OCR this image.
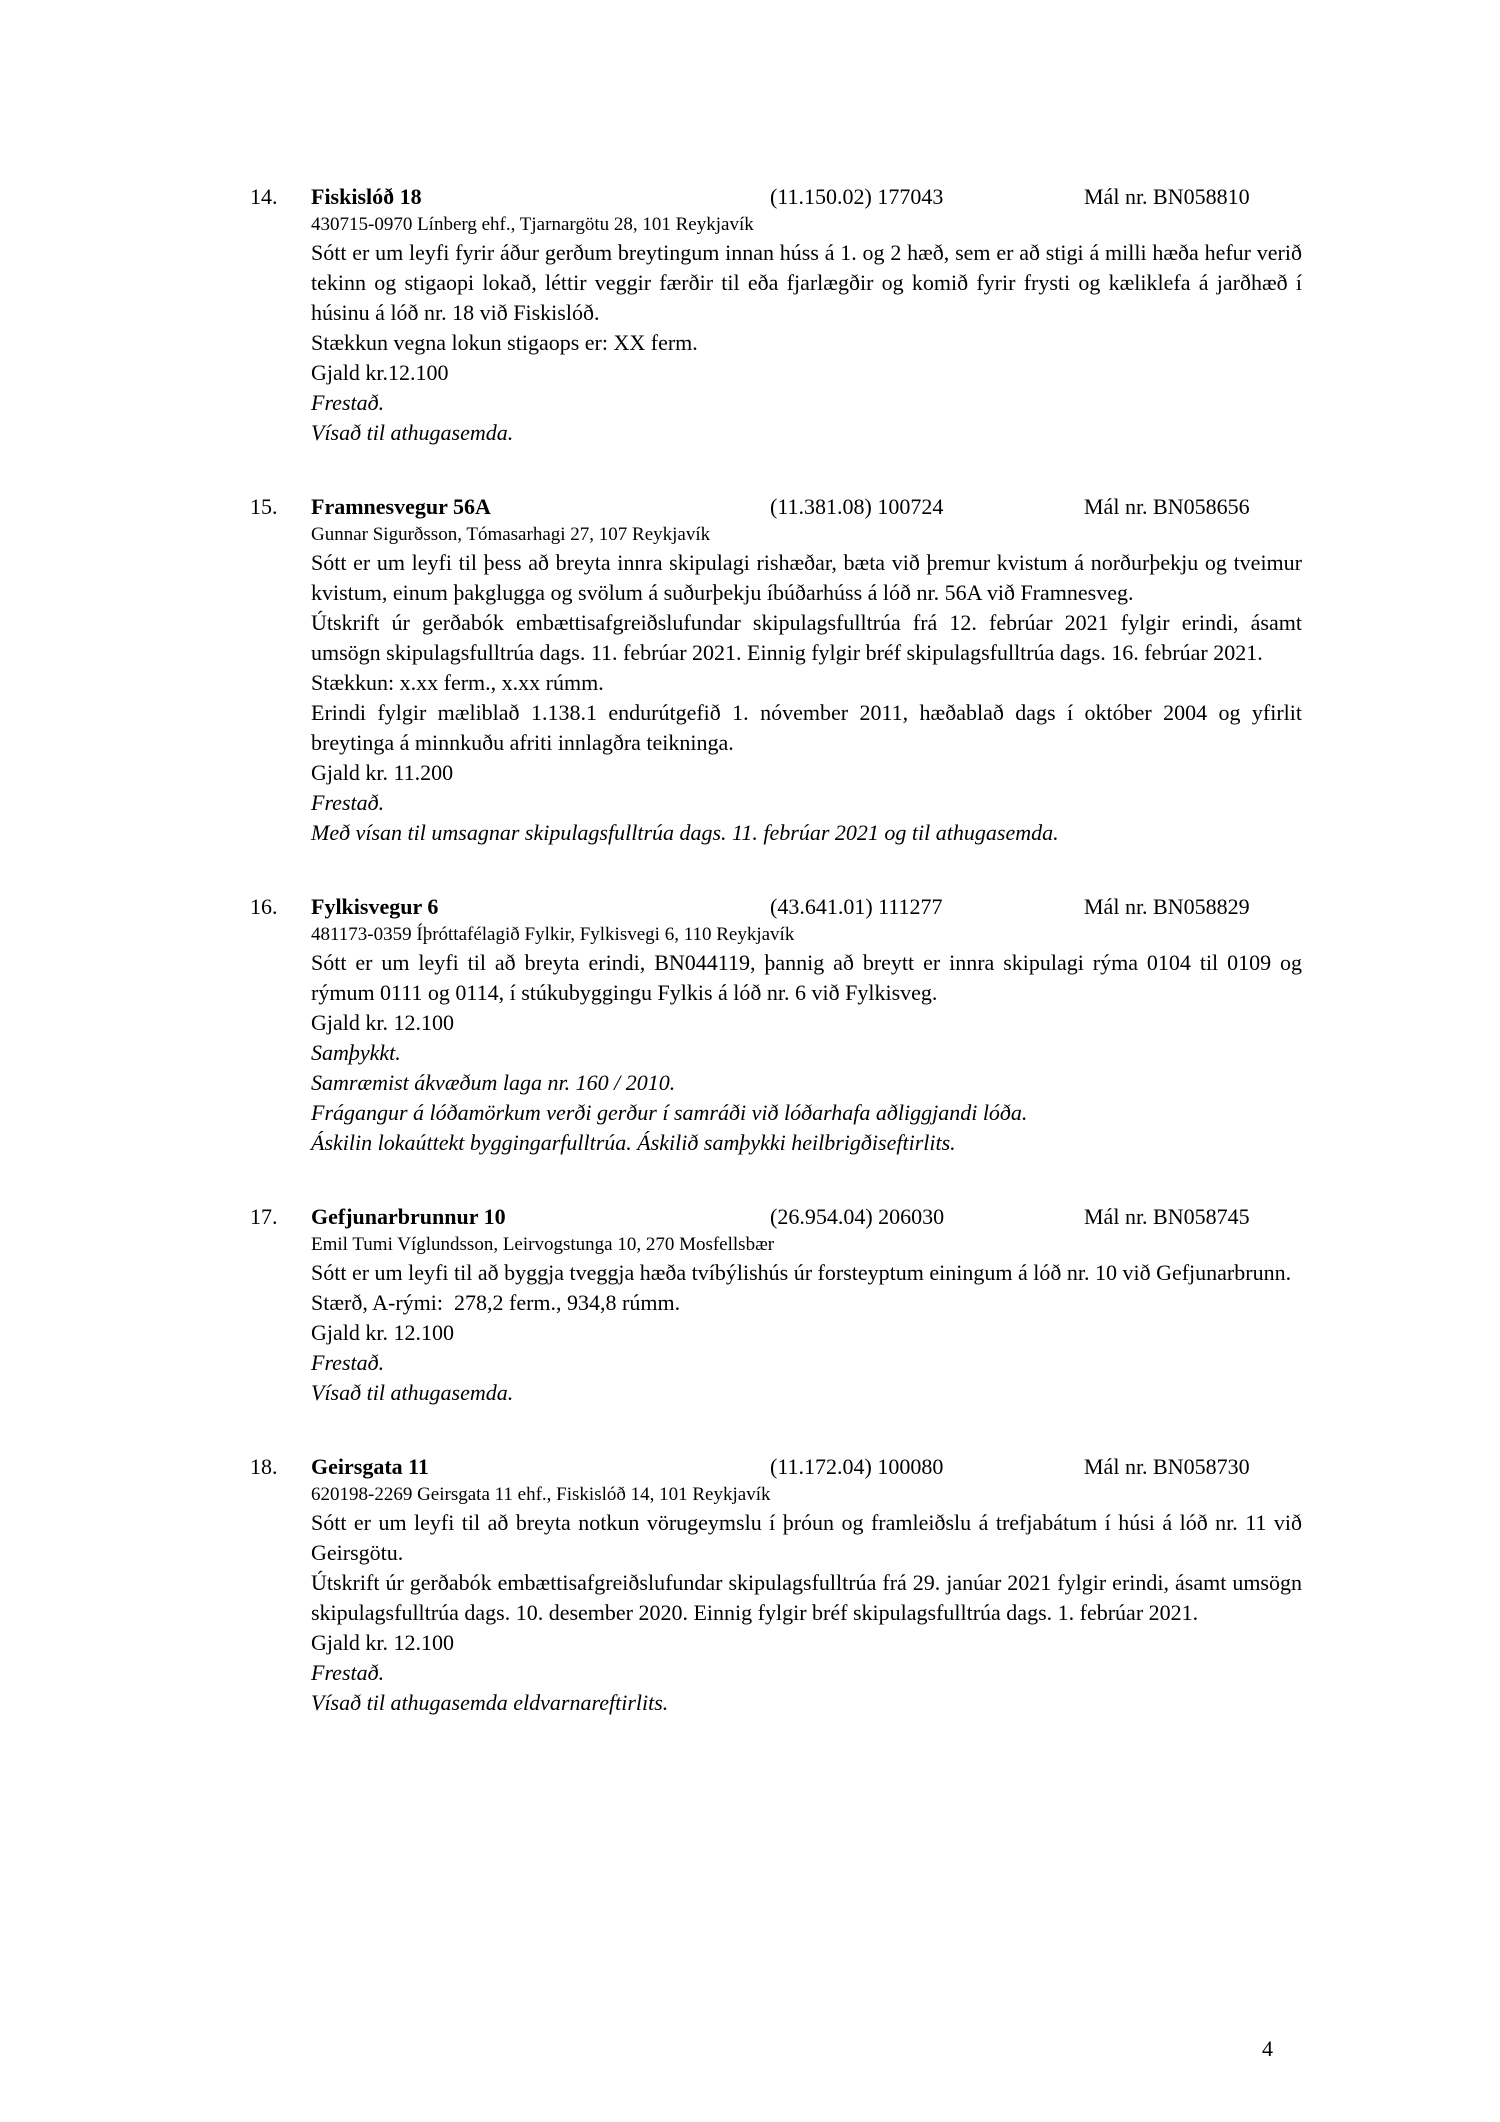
14. Fiskislóð 18	(11.150.02) 177043	Mál nr. BN058810
430715-0970 Línberg ehf., Tjarnargötu 28, 101 Reykjavík

Sótt er um leyfi fyrir áður gerðum breytingum innan húss á 1. og 2 hæð, sem er að stigi á milli hæða hefur verið tekinn og stigaopi lokað, léttir veggir færðir til eða fjarlægðir og komið fyrir frysti og kæliklefa á jarðhæð í húsinu á lóð nr. 18 við Fiskislóð.

Stækkun vegna lokun stigaops er: XX ferm.

Gjald kr.12.100

Frestað.

Vísað til athugasemda.

15. Framnesvegur 56A	(11.381.08) 100724	Mál nr. BN058656
Gunnar Sigurðsson, Tómasarhagi 27, 107 Reykjavík

Sótt er um leyfi til þess að breyta innra skipulagi rishæðar, bæta við þremur kvistum á norðurþekju og tveimur kvistum, einum þakglugga og svölum á suðurþekju íbúðarhúss á lóð nr. 56A við Framnesveg.

Útskrift úr gerðabók embættisafgreiðslufundar skipulagsfulltrúa frá 12. febrúar 2021 fylgir erindi, ásamt umsögn skipulagsfulltrúa dags. 11. febrúar 2021. Einnig fylgir bréf skipulagsfulltrúa dags. 16. febrúar 2021.

Stækkun: x.xx ferm., x.xx rúmm.

Erindi fylgir mæliblað 1.138.1 endurútgefið 1. nóvember 2011, hæðablað dags í október 2004 og yfirlit breytinga á minnkuðu afriti innlagðra teikninga.

Gjald kr. 11.200

Frestað.

Með vísan til umsagnar skipulagsfulltrúa dags. 11. febrúar 2021 og til athugasemda.

16. Fylkisvegur 6	(43.641.01) 111277	Mál nr. BN058829
481173-0359 Íþróttafélagið Fylkir, Fylkisvegi 6, 110 Reykjavík

Sótt er um leyfi til að breyta erindi, BN044119, þannig að breytt er innra skipulagi rýma 0104 til 0109 og rýmum 0111 og 0114, í stúkubyggingu Fylkis á lóð nr. 6 við Fylkisveg.

Gjald kr. 12.100

Samþykkt.

Samræmist ákvæðum laga nr. 160 / 2010.

Frágangur á lóðamörkum verði gerður í samráði við lóðarhafa aðliggjandi lóða.

Áskilin lokaúttekt byggingarfulltrúa. Áskilið samþykki heilbrigðiseftirlits.

17. Gefjunarbrunnur 10	(26.954.04) 206030	Mál nr. BN058745
Emil Tumi Víglundsson, Leirvogstunga 10, 270 Mosfellsbær

Sótt er um leyfi til að byggja tveggja hæða tvíbýlishús úr forsteyptum einingum á lóð nr. 10 við Gefjunarbrunn.

Stærð, A-rými:  278,2 ferm., 934,8 rúmm.

Gjald kr. 12.100

Frestað.

Vísað til athugasemda.

18. Geirsgata 11	(11.172.04) 100080	Mál nr. BN058730
620198-2269 Geirsgata 11 ehf., Fiskislóð 14, 101 Reykjavík

Sótt er um leyfi til að breyta notkun vörugeymslu í þróun og framleiðslu á trefjabátum í húsi á lóð nr. 11 við Geirsgötu.

Útskrift úr gerðabók embættisafgreiðslufundar skipulagsfulltrúa frá 29. janúar 2021 fylgir erindi, ásamt umsögn skipulagsfulltrúa dags. 10. desember 2020. Einnig fylgir bréf skipulagsfulltrúa dags. 1. febrúar 2021.

Gjald kr. 12.100

Frestað.

Vísað til athugasemda eldvarnareftirlits.

4
